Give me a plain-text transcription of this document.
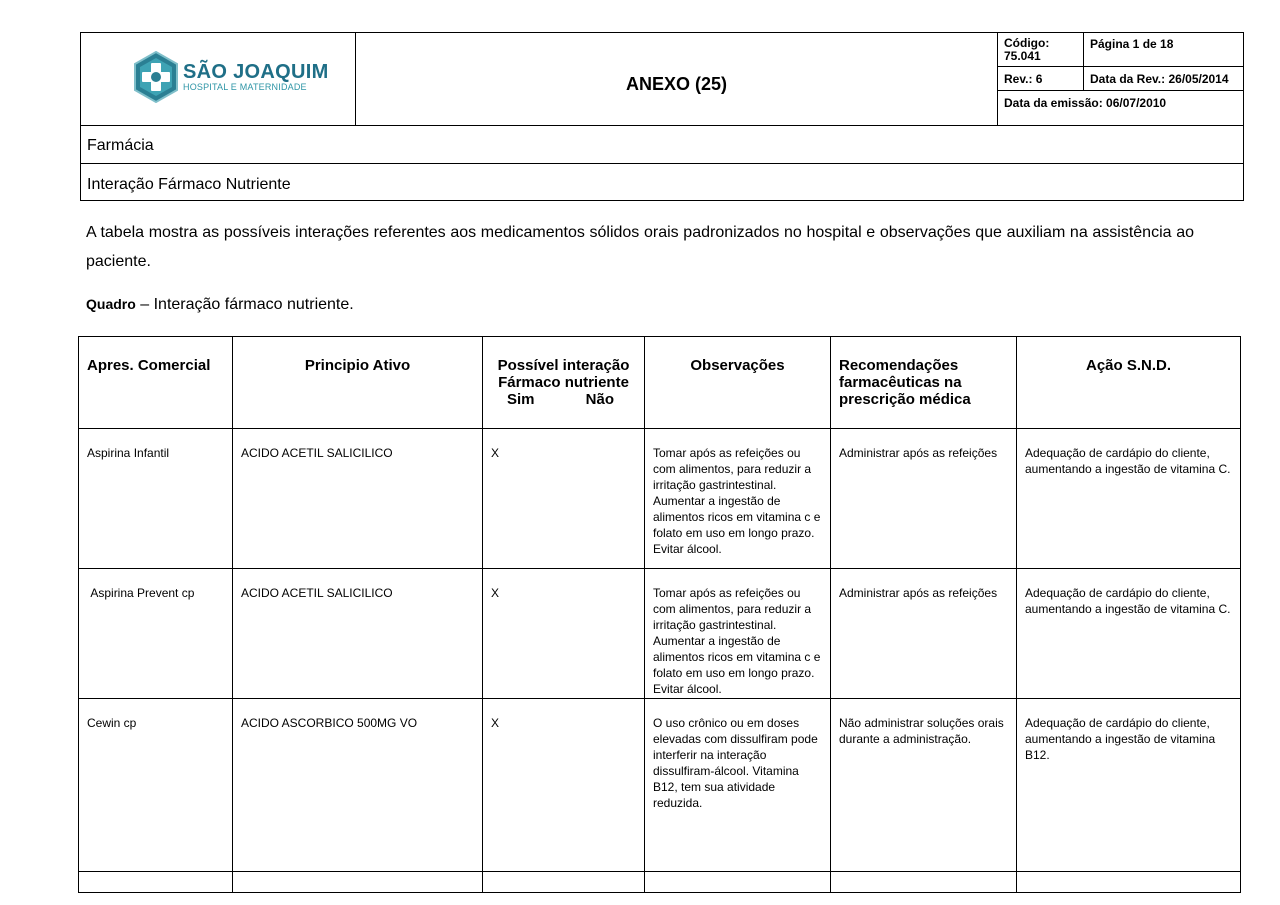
SÃO JOAQUIM
HOSPITAL E MATERNIDADE	ANEXO (25)
Código:
75.041
Página 1 de 18
Rev.: 6	Data da Rev.: 26/05/2014
Data da emissão: 06/07/2010
Farmácia
Interação Fármaco Nutriente
A tabela mostra as possíveis interações referentes aos medicamentos sólidos orais padronizados no hospital e observações que auxiliam na assistência ao paciente.
Quadro – Interação fármaco nutriente.
Apres. Comercial	Principio Ativo	Possível interação
Fármaco nutriente
Sim Não	Observações	Recomendações farmacêuticas na prescrição médica	Ação S.N.D.
Aspirina Infantil	ACIDO ACETIL SALICILICO	X	Tomar após as refeições ou com alimentos, para reduzir a irritação gastrintestinal. Aumentar a ingestão de alimentos ricos em vitamina c e folato em uso em longo prazo. Evitar álcool.	Administrar após as refeições	Adequação de cardápio do cliente, aumentando a ingestão de vitamina C.
Aspirina Prevent cp	ACIDO ACETIL SALICILICO	X	Tomar após as refeições ou com alimentos, para reduzir a irritação gastrintestinal. Aumentar a ingestão de alimentos ricos em vitamina c e folato em uso em longo prazo. Evitar álcool.	Administrar após as refeições	Adequação de cardápio do cliente, aumentando a ingestão de vitamina C.
Cewin cp	ACIDO ASCORBICO 500MG VO	X	O uso crônico ou em doses elevadas com dissulfiram pode interferir na interação dissulfiram-álcool. Vitamina B12, tem sua atividade reduzida.	Não administrar soluções orais durante a administração.	Adequação de cardápio do cliente, aumentando a ingestão de vitamina B12.
